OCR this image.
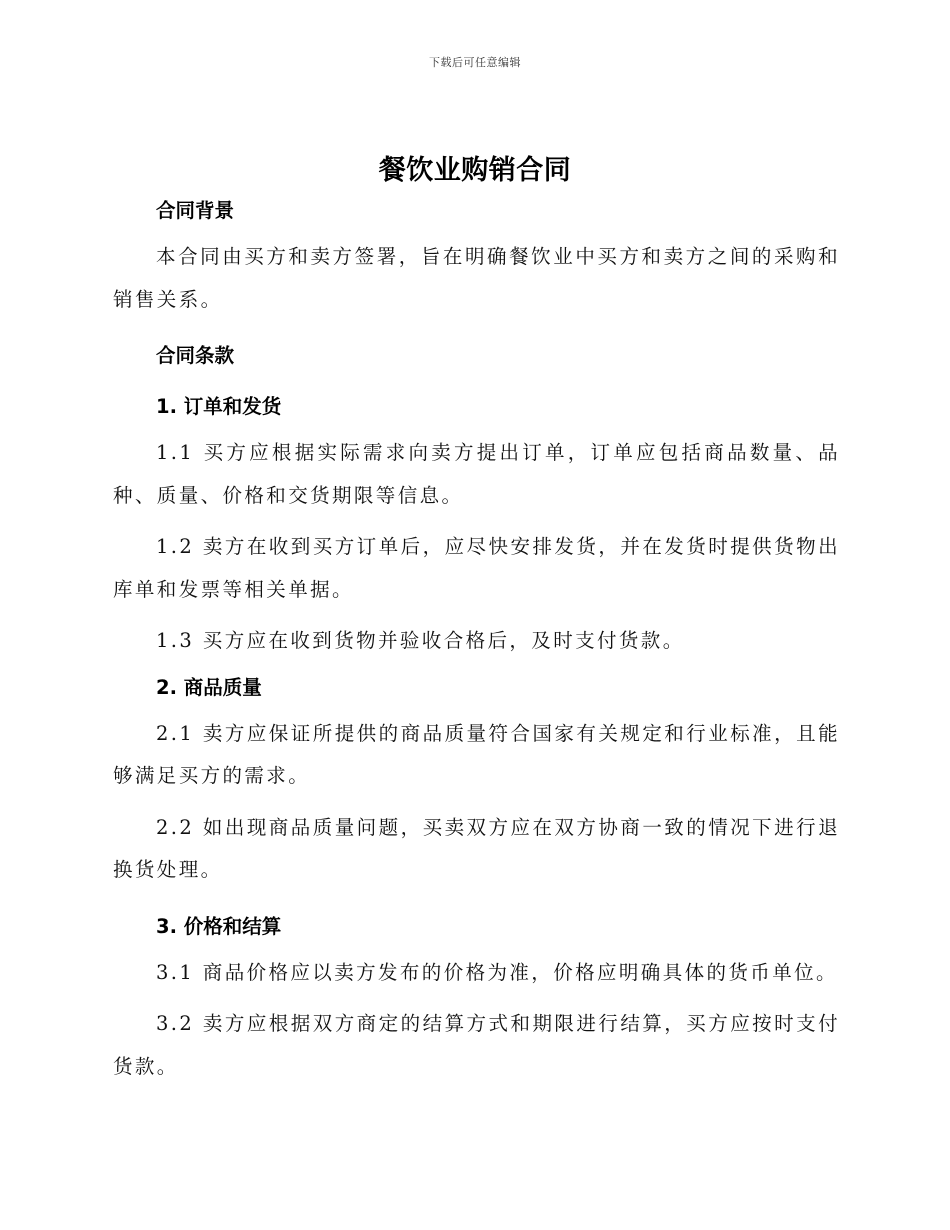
下载后可任意编辑
餐饮业购销合同

合同背景

本合同由买方和卖方签署，旨在明确餐饮业中买方和卖方之间的采购和销售关系。

合同条款

1. 订单和发货

1.1 买方应根据实际需求向卖方提出订单，订单应包括商品数量、品种、质量、价格和交货期限等信息。

1.2 卖方在收到买方订单后，应尽快安排发货，并在发货时提供货物出库单和发票等相关单据。

1.3 买方应在收到货物并验收合格后，及时支付货款。

2. 商品质量

2.1 卖方应保证所提供的商品质量符合国家有关规定和行业标准，且能够满足买方的需求。

2.2 如出现商品质量问题，买卖双方应在双方协商一致的情况下进行退换货处理。

3. 价格和结算

3.1 商品价格应以卖方发布的价格为准，价格应明确具体的货币单位。

3.2 卖方应根据双方商定的结算方式和期限进行结算，买方应按时支付货款。
